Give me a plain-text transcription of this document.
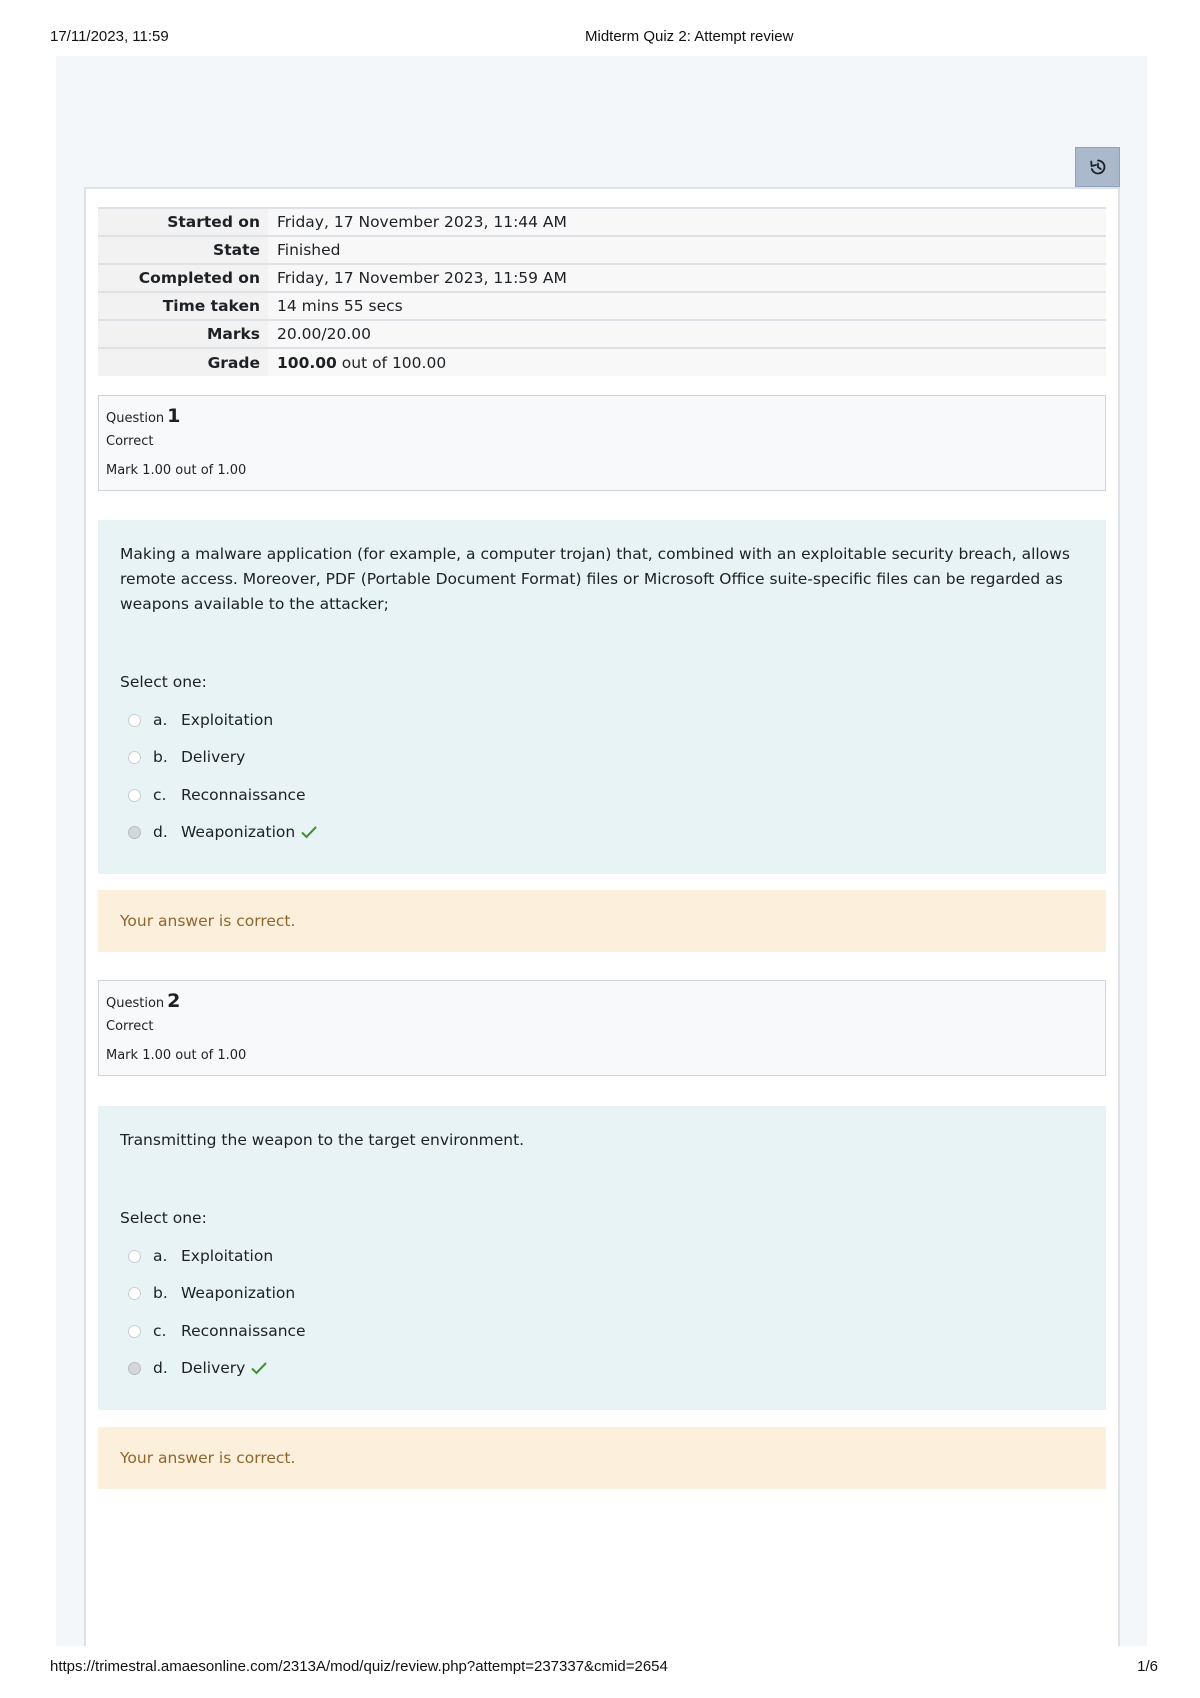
17/11/2023, 11:59	Midterm Quiz 2: Attempt review
Started on	Friday, 17 November 2023, 11:44 AM
State	Finished
Completed on	Friday, 17 November 2023, 11:59 AM
Time taken	14 mins 55 secs
Marks	20.00/20.00
Grade	100.00 out of 100.00
Question 1
Correct
Mark 1.00 out of 1.00
Making a malware application (for example, a computer trojan) that, combined with an exploitable security breach, allows remote access. Moreover, PDF (Portable Document Format) files or Microsoft Office suite-specific files can be regarded as weapons available to the attacker;
Select one:
a. Exploitation
b. Delivery
c. Reconnaissance
d. Weaponization
Your answer is correct.
Question 2
Correct
Mark 1.00 out of 1.00
Transmitting the weapon to the target environment.
Select one:
a. Exploitation
b. Weaponization
c. Reconnaissance
d. Delivery
Your answer is correct.
https://trimestral.amaesonline.com/2313A/mod/quiz/review.php?attempt=237337&cmid=2654	1/6
